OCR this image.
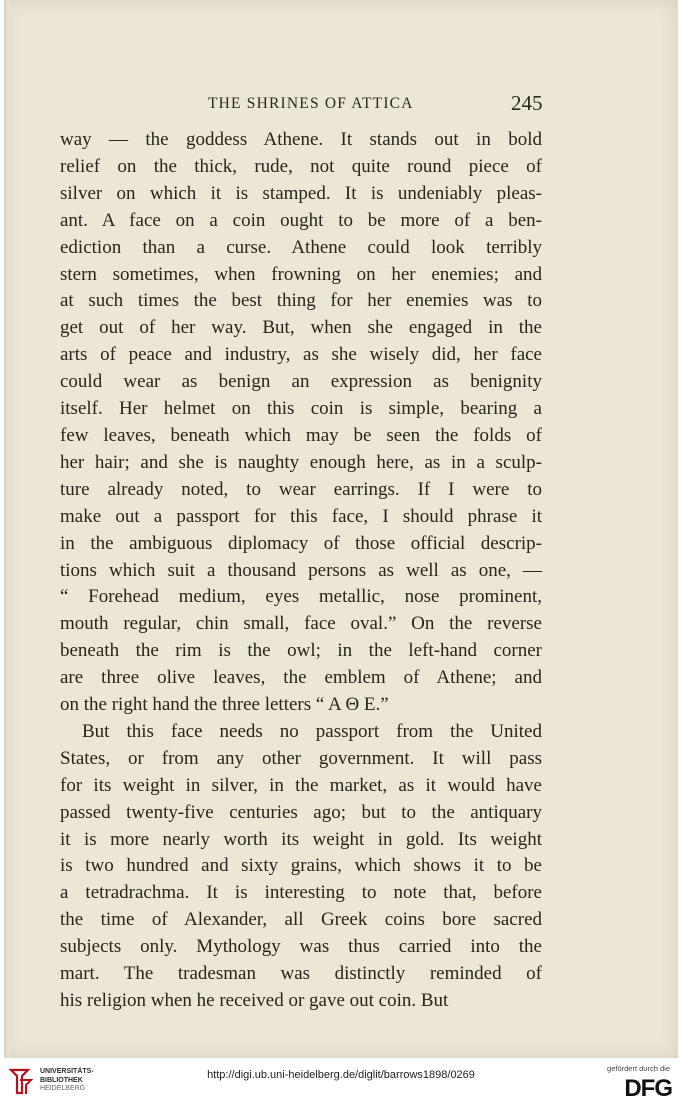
THE SHRINES OF ATTICA	245

way — the goddess Athene. It stands out in bold
relief on the thick, rude, not quite round piece of
silver on which it is stamped. It is undeniably pleas-
ant. A face on a coin ought to be more of a ben-
ediction than a curse. Athene could look terribly
stern sometimes, when frowning on her enemies; and
at such times the best thing for her enemies was to
get out of her way. But, when she engaged in the
arts of peace and industry, as she wisely did, her face
could wear as benign an expression as benignity
itself. Her helmet on this coin is simple, bearing a
few leaves, beneath which may be seen the folds of
her hair; and she is naughty enough here, as in a sculp-
ture already noted, to wear earrings. If I were to
make out a passport for this face, I should phrase it
in the ambiguous diplomacy of those official descrip-
tions which suit a thousand persons as well as one, —
“ Forehead medium, eyes metallic, nose prominent,
mouth regular, chin small, face oval.” On the reverse
beneath the rim is the owl; in the left-hand corner
are three olive leaves, the emblem of Athene; and
on the right hand the three letters “ A Θ E.”

But this face needs no passport from the United
States, or from any other government. It will pass
for its weight in silver, in the market, as it would have
passed twenty-five centuries ago; but to the antiquary
it is more nearly worth its weight in gold. Its weight
is two hundred and sixty grains, which shows it to be
a tetradrachma. It is interesting to note that, before
the time of Alexander, all Greek coins bore sacred
subjects only. Mythology was thus carried into the
mart. The tradesman was distinctly reminded of
his religion when he received or gave out coin. But

UNIVERSITÄTS-
BIBLIOTHEK
HEIDELBERG
http://digi.ub.uni-heidelberg.de/diglit/barrows1898/0269
gefördert durch die
DFG
